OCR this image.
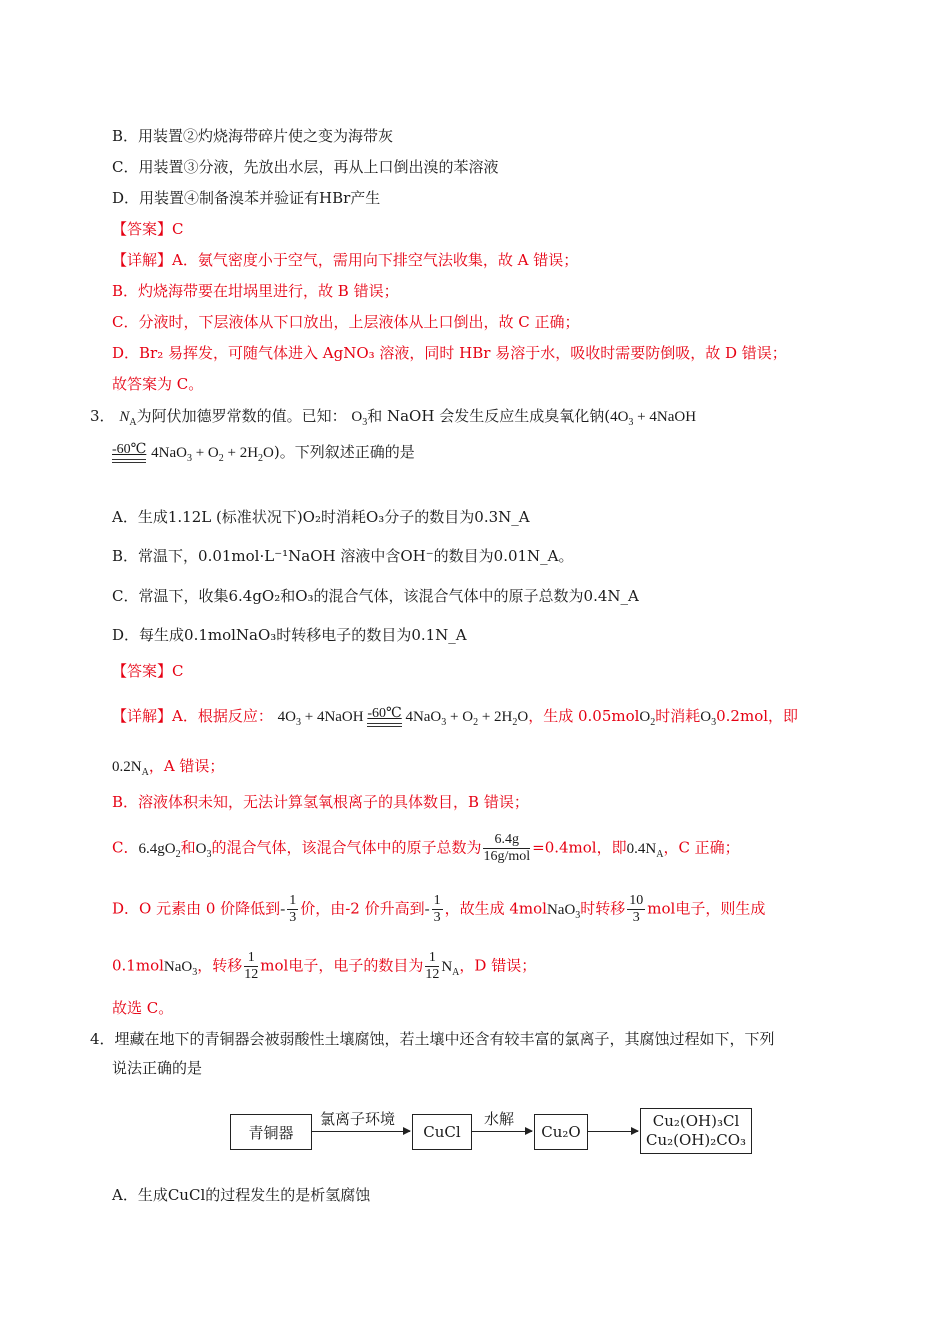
B．用装置②灼烧海带碎片使之变为海带灰
C．用装置③分液，先放出水层，再从上口倒出溴的苯溶液
D．用装置④制备溴苯并验证有HBr产生
【答案】C
【详解】A．氨气密度小于空气，需用向下排空气法收集，故 A 错误；
B．灼烧海带要在坩埚里进行，故 B 错误；
C．分液时，下层液体从下口放出，上层液体从上口倒出，故 C 正确；
D．Br₂ 易挥发，可随气体进入 AgNO₃ 溶液，同时 HBr 易溶于水，吸收时需要防倒吸，故 D 错误；
故答案为 C。
3． $N_A$为阿伏加德罗常数的值。已知： $O_3$和 NaOH 会发生反应生成臭氧化钠($4O_3$ + 4NaOH
-60℃ $4NaO_3 + O_2 + 2H_2O$)。下列叙述正确的是
A．生成1.12L (标准状况下)O₂时消耗O₃分子的数目为0.3N_A
B．常温下，0.01mol·L⁻¹NaOH 溶液中含OH⁻的数目为0.01N_A。
C．常温下，收集6.4gO₂和O₃的混合气体，该混合气体中的原子总数为0.4N_A
D．每生成0.1molNaO₃时转移电子的数目为0.1N_A
【答案】C
【详解】A．根据反应： $4O_3$ + 4NaOH -60℃ $4NaO_3 + O_2 + 2H_2O$，生成 0.05molO$_2$时消耗$O_30.2mol$，即
$0.2N_A$，A 错误；
B．溶液体积未知，无法计算氢氧根离子的具体数目，B 错误；
C．$6.4gO_2$和$O_3$的混合气体，该混合气体中的原子总数为 $\frac{6.4g}{\text{16g/mol}} =0.4mol$，即$0.4N_A$，C 正确；
D．O 元素由 0 价降低到- $\frac{1}{3}$ 价，由-2 价升高到- $\frac{1}{3}$ ，故生成 4molNaO$_3$时转移 $\frac{10}{3}$ mol电子，则生成
0.1molNaO$_3$，转移 $\frac{1}{12}$ mol电子，电子的数目为 $\frac{1}{12} N_A$，D 错误；
故选 C。
4．埋藏在地下的青铜器会被弱酸性土壤腐蚀，若土壤中还含有较丰富的氯离子，其腐蚀过程如下，下列
说法正确的是
青铜器
氯离子环境
CuCl
水解
Cu₂O
Cu₂(OH)₃Cl
Cu₂(OH)₂CO₃
A．生成CuCl的过程发生的是析氢腐蚀
